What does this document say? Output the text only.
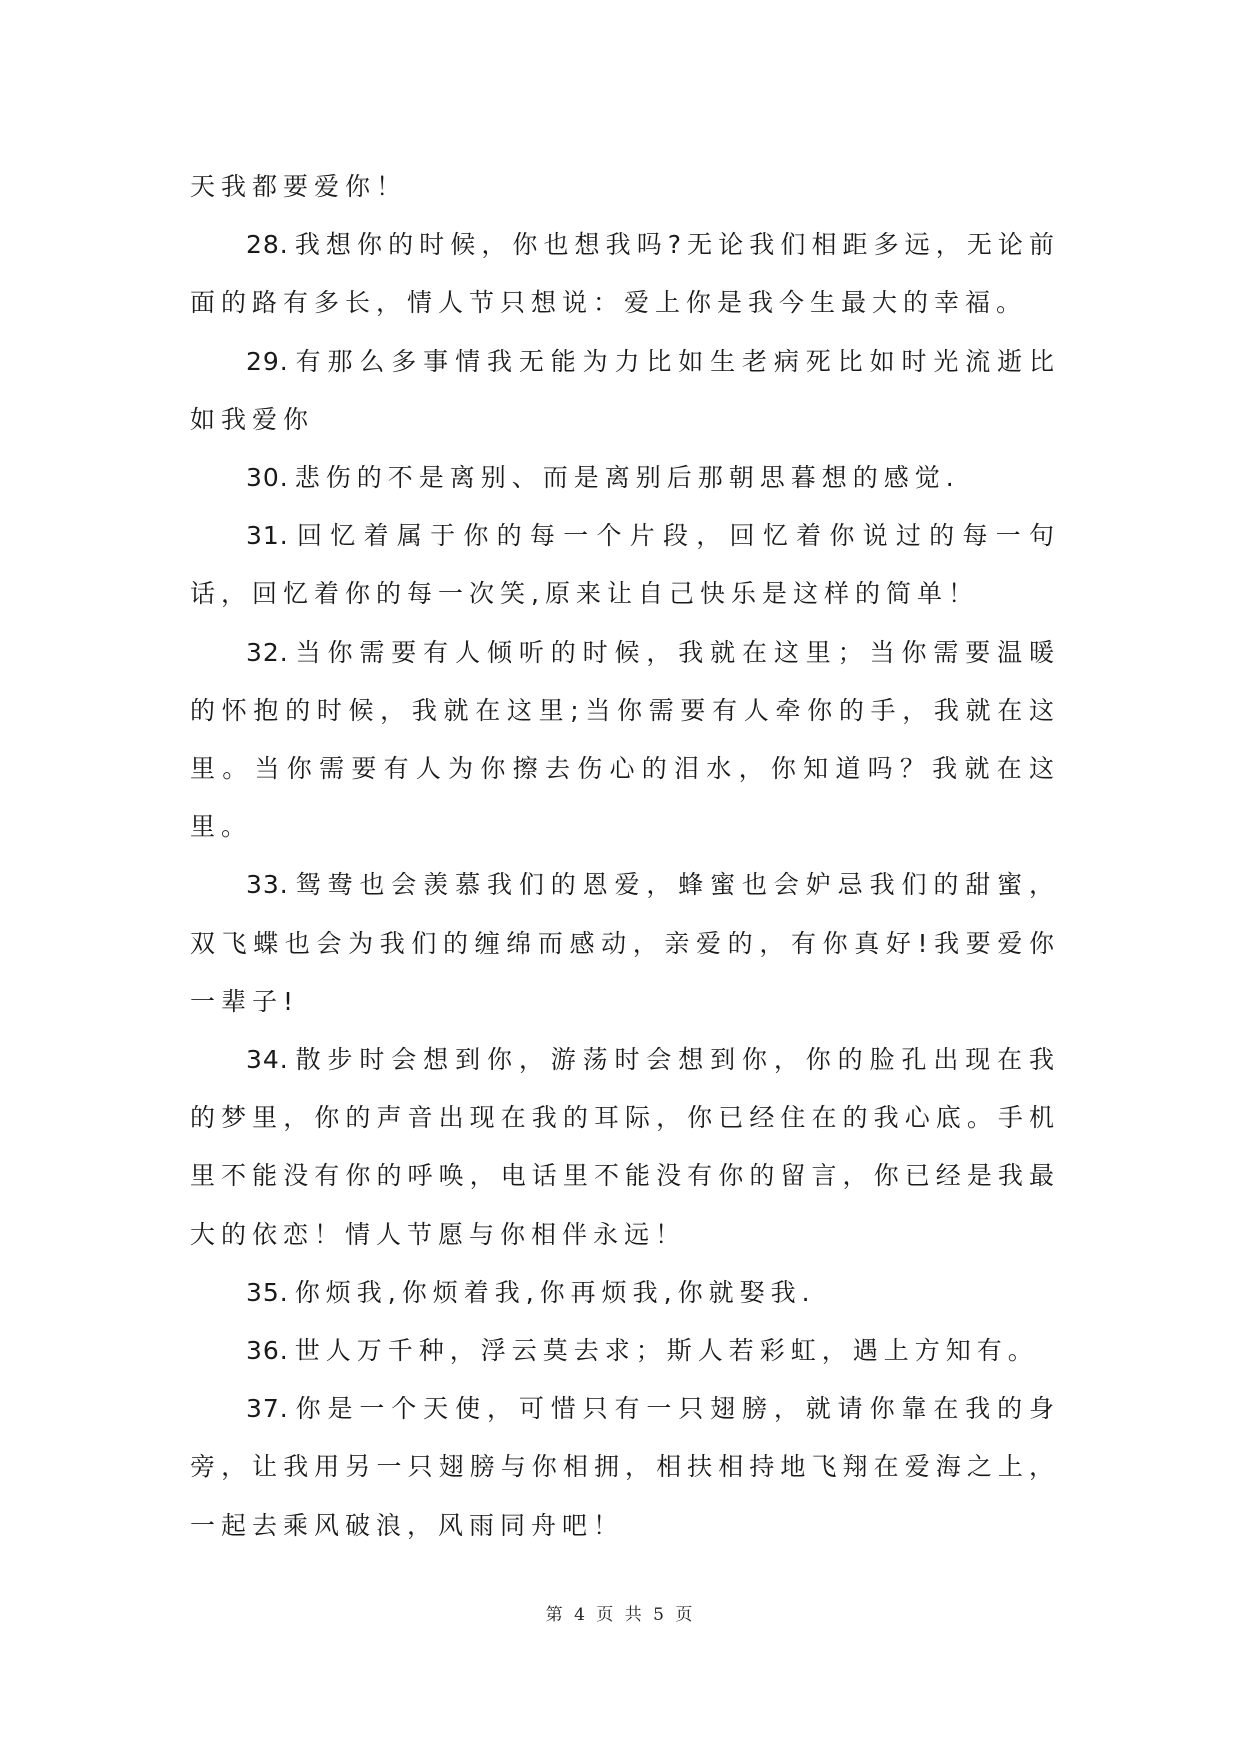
天我都要爱你！

28. 我想你的时候，你也想我吗?无论我们相距多远，无论前面的路有多长，情人节只想说：爱上你是我今生最大的幸福。

29. 有那么多事情我无能为力比如生老病死比如时光流逝比如我爱你

30. 悲伤的不是离别、而是离别后那朝思暮想的感觉.

31. 回忆着属于你的每一个片段，回忆着你说过的每一句话，回忆着你的每一次笑,原来让自己快乐是这样的简单！

32. 当你需要有人倾听的时候，我就在这里；当你需要温暖的怀抱的时候，我就在这里;当你需要有人牵你的手，我就在这里。当你需要有人为你擦去伤心的泪水，你知道吗？我就在这里。

33. 鸳鸯也会羡慕我们的恩爱，蜂蜜也会妒忌我们的甜蜜，双飞蝶也会为我们的缠绵而感动，亲爱的，有你真好!我要爱你一辈子!

34. 散步时会想到你，游荡时会想到你，你的脸孔出现在我的梦里，你的声音出现在我的耳际，你已经住在的我心底。手机里不能没有你的呼唤，电话里不能没有你的留言，你已经是我最大的依恋！情人节愿与你相伴永远！

35. 你烦我,你烦着我,你再烦我,你就娶我.

36. 世人万千种，浮云莫去求；斯人若彩虹，遇上方知有。

37. 你是一个天使，可惜只有一只翅膀，就请你靠在我的身旁，让我用另一只翅膀与你相拥，相扶相持地飞翔在爱海之上，一起去乘风破浪，风雨同舟吧！

第 4 页 共 5 页
